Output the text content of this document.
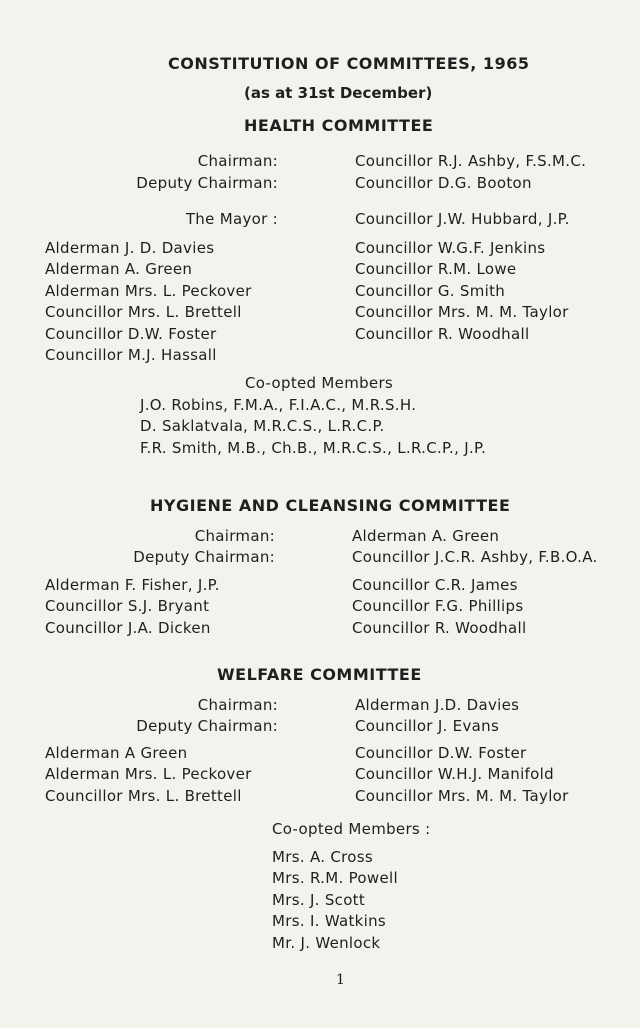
CONSTITUTION OF COMMITTEES, 1965
(as at 31st December)
HEALTH COMMITTEE
Chairman:	Councillor R.J. Ashby, F.S.M.C.
Deputy Chairman:	Councillor D.G. Booton
The Mayor :	Councillor J.W. Hubbard, J.P.
Alderman J. D. Davies
Alderman A. Green
Alderman Mrs. L. Peckover
Councillor Mrs. L. Brettell
Councillor D.W. Foster
Councillor M.J. Hassall
Councillor W.G.F. Jenkins
Councillor R.M. Lowe
Councillor G. Smith
Councillor Mrs. M. M. Taylor
Councillor R. Woodhall
Co-opted Members
J.O. Robins, F.M.A., F.I.A.C., M.R.S.H.
D. Saklatvala, M.R.C.S., L.R.C.P.
F.R. Smith, M.B., Ch.B., M.R.C.S., L.R.C.P., J.P.
HYGIENE AND CLEANSING COMMITTEE
Chairman:	Alderman A. Green
Deputy Chairman:	Councillor J.C.R. Ashby, F.B.O.A.
Alderman F. Fisher, J.P.
Councillor S.J. Bryant
Councillor J.A. Dicken
Councillor C.R. James
Councillor F.G. Phillips
Councillor R. Woodhall
WELFARE COMMITTEE
Chairman:	Alderman J.D. Davies
Deputy Chairman:	Councillor J. Evans
Alderman A Green
Alderman Mrs. L. Peckover
Councillor Mrs. L. Brettell
Councillor D.W. Foster
Councillor W.H.J. Manifold
Councillor Mrs. M. M. Taylor
Co-opted Members :
Mrs. A. Cross
Mrs. R.M. Powell
Mrs. J. Scott
Mrs. I. Watkins
Mr. J. Wenlock
1
